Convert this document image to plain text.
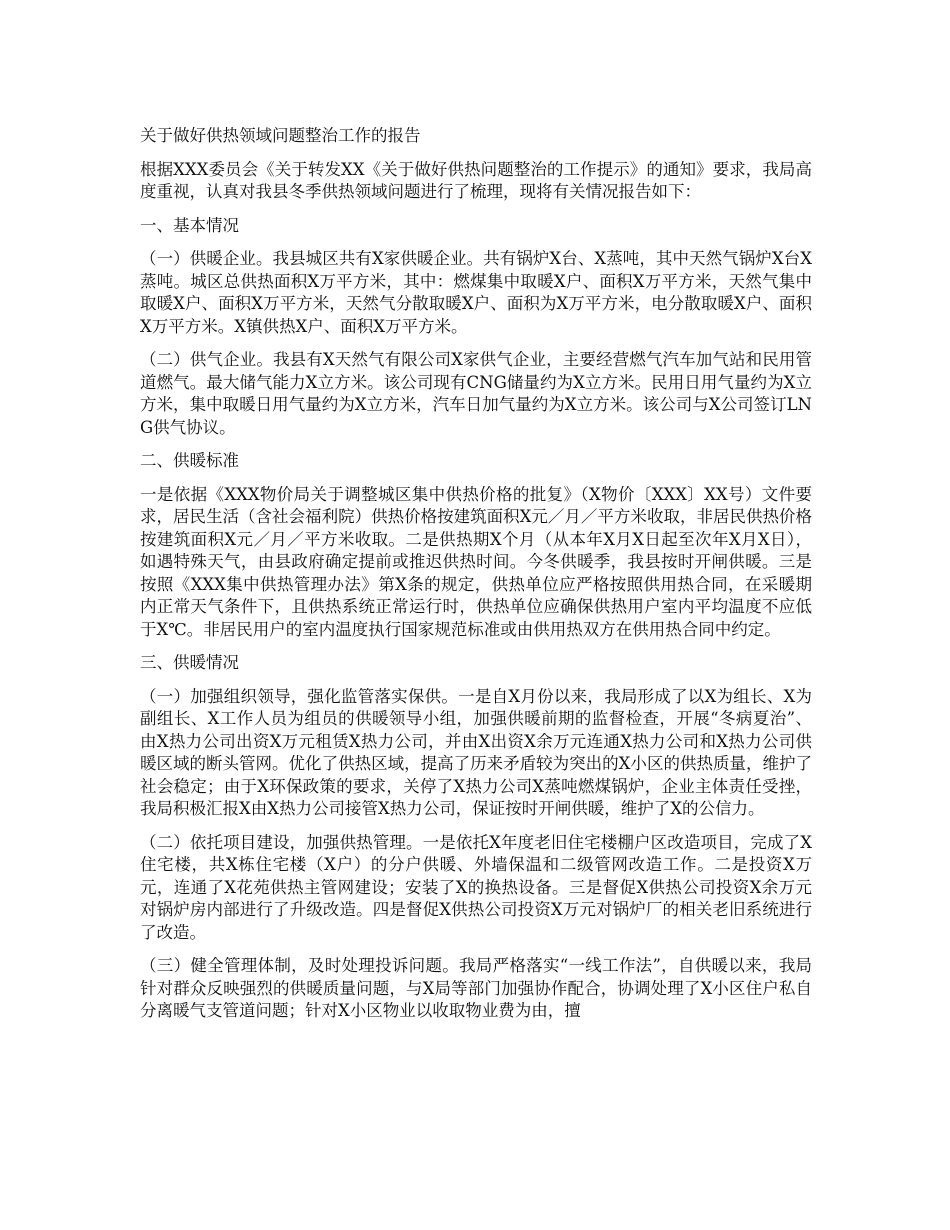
关于做好供热领域问题整治工作的报告

根据XXX委员会《关于转发XX《关于做好供热问题整治的工作提示》的通知》要求，我局高度重视，认真对我县冬季供热领域问题进行了梳理，现将有关情况报告如下：

一、基本情况

（一）供暖企业。我县城区共有X家供暖企业。共有锅炉X台、X蒸吨，其中天然气锅炉X台X蒸吨。城区总供热面积X万平方米，其中：燃煤集中取暖X户、面积X万平方米，天然气集中取暖X户、面积X万平方米，天然气分散取暖X户、面积为X万平方米，电分散取暖X户、面积X万平方米。X镇供热X户、面积X万平方米。

（二）供气企业。我县有X天然气有限公司X家供气企业，主要经营燃气汽车加气站和民用管道燃气。最大储气能力X立方米。该公司现有CNG储量约为X立方米。民用日用气量约为X立方米，集中取暖日用气量约为X立方米，汽车日加气量约为X立方米。该公司与X公司签订LNG供气协议。

二、供暖标准

一是依据《XXX物价局关于调整城区集中供热价格的批复》（X物价〔XXX〕XX号）文件要求，居民生活（含社会福利院）供热价格按建筑面积X元／月／平方米收取，非居民供热价格按建筑面积X元／月／平方米收取。二是供热期X个月（从本年X月X日起至次年X月X日），如遇特殊天气，由县政府确定提前或推迟供热时间。今冬供暖季，我县按时开闸供暖。三是按照《XXX集中供热管理办法》第X条的规定，供热单位应严格按照供用热合同，在采暖期内正常天气条件下，且供热系统正常运行时，供热单位应确保供热用户室内平均温度不应低于X℃。非居民用户的室内温度执行国家规范标准或由供用热双方在供用热合同中约定。

三、供暖情况

（一）加强组织领导，强化监管落实保供。一是自X月份以来，我局形成了以X为组长、X为副组长、X工作人员为组员的供暖领导小组，加强供暖前期的监督检查，开展“冬病夏治”、由X热力公司出资X万元租赁X热力公司，并由X出资X余万元连通X热力公司和X热力公司供暖区域的断头管网。优化了供热区域，提高了历来矛盾较为突出的X小区的供热质量，维护了社会稳定；由于X环保政策的要求，关停了X热力公司X蒸吨燃煤锅炉，企业主体责任受挫，我局积极汇报X由X热力公司接管X热力公司，保证按时开闸供暖，维护了X的公信力。

（二）依托项目建设，加强供热管理。一是依托X年度老旧住宅楼棚户区改造项目，完成了X住宅楼，共X栋住宅楼（X户）的分户供暖、外墙保温和二级管网改造工作。二是投资X万元，连通了X花苑供热主管网建设；安装了X的换热设备。三是督促X供热公司投资X余万元对锅炉房内部进行了升级改造。四是督促X供热公司投资X万元对锅炉厂的相关老旧系统进行了改造。

（三）健全管理体制，及时处理投诉问题。我局严格落实“一线工作法”，自供暖以来，我局针对群众反映强烈的供暖质量问题，与X局等部门加强协作配合，协调处理了X小区住户私自分离暖气支管道问题；针对X小区物业以收取物业费为由，擅
